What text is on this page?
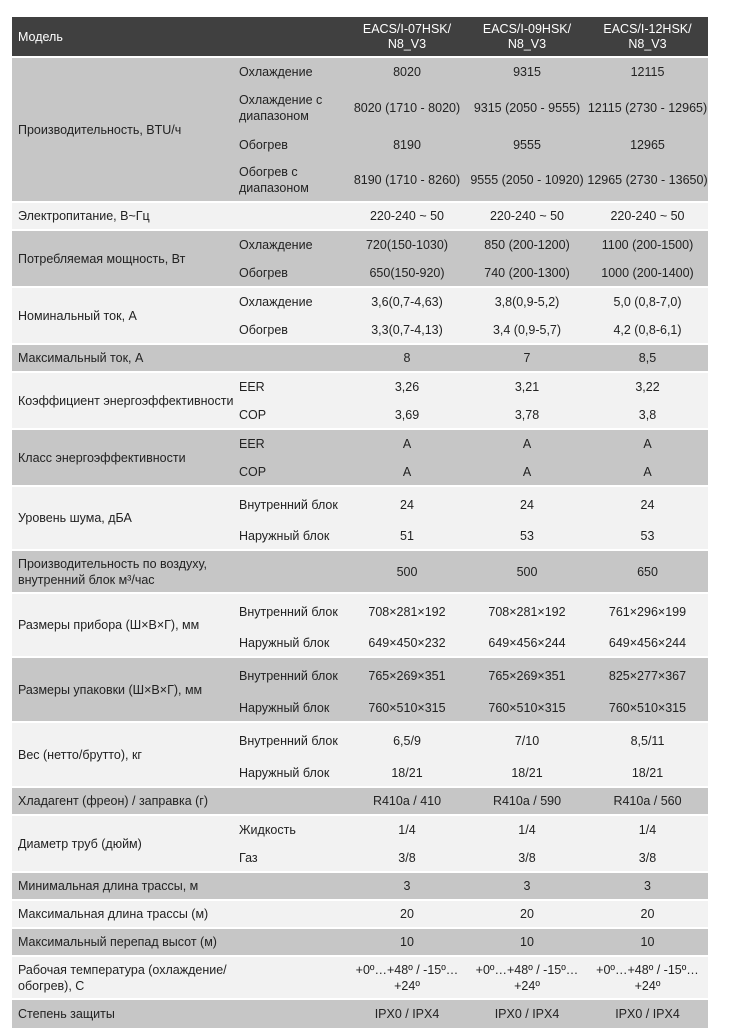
Модель		EACS/I-07HSK/ N8_V3	EACS/I-09HSK/ N8_V3	EACS/I-12HSK/ N8_V3
Производительность, BTU/ч	Охлаждение	8020	9315	12115
	Охлаждение с диапазоном	8020 (1710 - 8020)	9315 (2050 - 9555)	12115 (2730 - 12965)
	Обогрев	8190	9555	12965
	Обогрев с диапазоном	8190 (1710 - 8260)	9555 (2050 - 10920)	12965 (2730 - 13650)
Электропитание, В~Гц		220-240 ~ 50	220-240 ~ 50	220-240 ~ 50
Потребляемая мощность, Вт	Охлаждение	720(150-1030)	850 (200-1200)	1100 (200-1500)
	Обогрев	650(150-920)	740 (200-1300)	1000 (200-1400)
Номинальный ток, А	Охлаждение	3,6(0,7-4,63)	3,8(0,9-5,2)	5,0 (0,8-7,0)
	Обогрев	3,3(0,7-4,13)	3,4 (0,9-5,7)	4,2 (0,8-6,1)
Максимальный ток, А		8	7	8,5
Коэффициент энергоэффективности	EER	3,26	3,21	3,22
	COP	3,69	3,78	3,8
Класс энергоэффективности	EER	A	A	A
	COP	A	A	A
Уровень шума, дБА	Внутренний блок	24	24	24
	Наружный блок	51	53	53
Производительность по воздуху, внутренний блок м³/час		500	500	650
Размеры прибора (Ш×В×Г), мм	Внутренний блок	708×281×192	708×281×192	761×296×199
	Наружный блок	649×450×232	649×456×244	649×456×244
Размеры упаковки (Ш×В×Г), мм	Внутренний блок	765×269×351	765×269×351	825×277×367
	Наружный блок	760×510×315	760×510×315	760×510×315
Вес (нетто/брутто), кг	Внутренний блок	6,5/9	7/10	8,5/11
	Наружный блок	18/21	18/21	18/21
Хладагент (фреон) / заправка (г)		R410a / 410	R410a / 590	R410a / 560
Диаметр труб (дюйм)	Жидкость	1/4	1/4	1/4
	Газ	3/8	3/8	3/8
Минимальная длина трассы, м		3	3	3
Максимальная длина трассы (м)		20	20	20
Максимальный перепад высот (м)		10	10	10
Рабочая температура (охлаждение/обогрев), С		+0º…+48º / -15º…+24º	+0º…+48º / -15º…+24º	+0º…+48º / -15º…+24º
Степень защиты		IPX0 / IPX4	IPX0 / IPX4	IPX0 / IPX4
